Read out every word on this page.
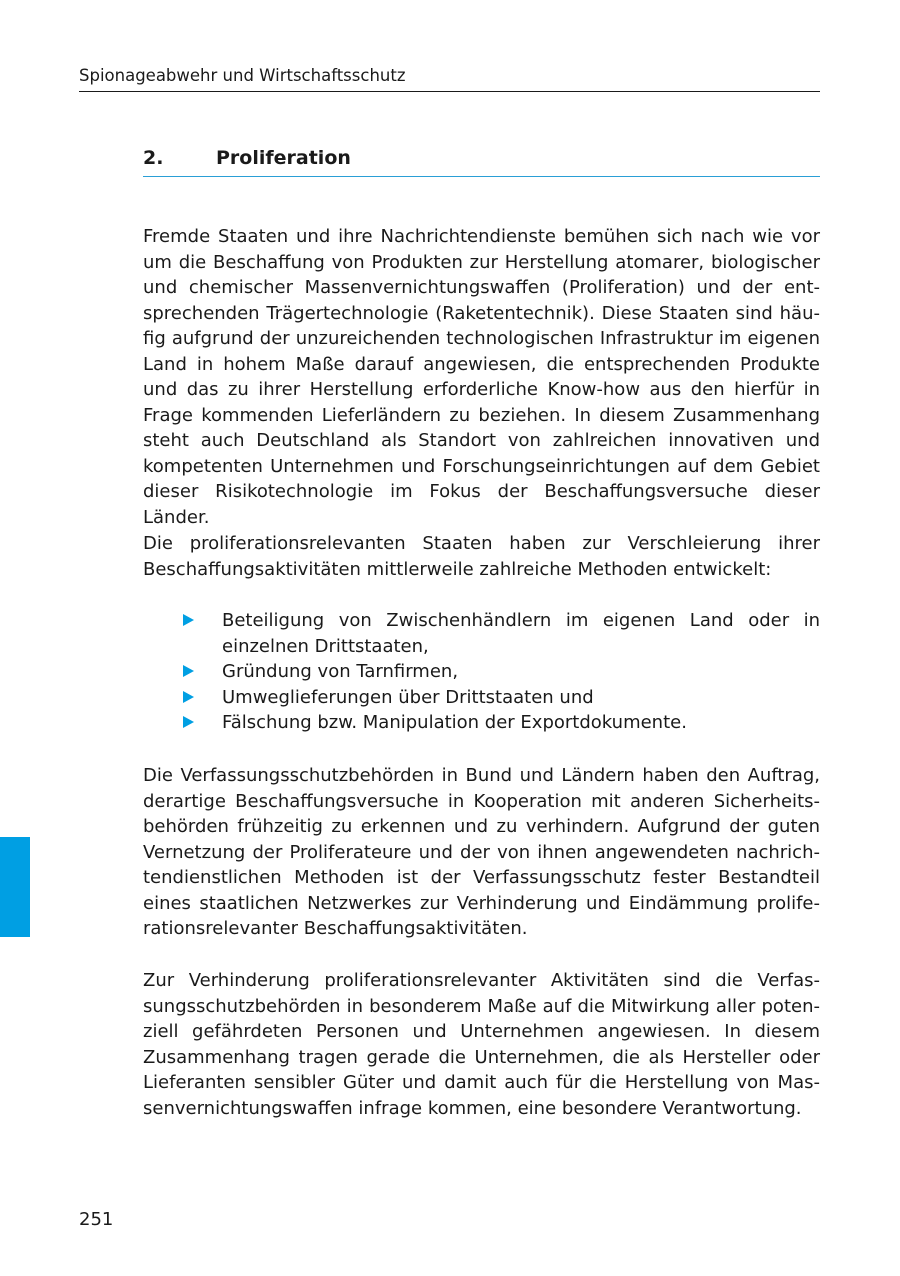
Spionageabwehr und Wirtschaftsschutz
2.	Proliferation

Fremde Staaten und ihre Nachrichtendienste bemühen sich nach wie vor um die Beschaffung von Produkten zur Herstellung atomarer, biologischer und chemischer Massenvernichtungswaffen (Proliferation) und der entsprechenden Trägertechnologie (Raketentechnik). Diese Staaten sind häufig aufgrund der unzureichenden technologischen Infrastruktur im eigenen Land in hohem Maße darauf angewiesen, die entsprechenden Produkte und das zu ihrer Herstellung erforderliche Know-how aus den hierfür in Frage kommenden Lieferländern zu beziehen. In diesem Zusammenhang steht auch Deutschland als Standort von zahlreichen innovativen und kompetenten Unternehmen und Forschungseinrichtungen auf dem Gebiet dieser Risikotechnologie im Fokus der Beschaffungsversuche dieser Länder.

Die proliferationsrelevanten Staaten haben zur Verschleierung ihrer Beschaffungsaktivitäten mittlerweile zahlreiche Methoden entwickelt:

Beteiligung von Zwischenhändlern im eigenen Land oder in einzelnen Drittstaaten,
Gründung von Tarnfirmen,
Umweglieferungen über Drittstaaten und
Fälschung bzw. Manipulation der Exportdokumente.

Die Verfassungsschutzbehörden in Bund und Ländern haben den Auftrag, derartige Beschaffungsversuche in Kooperation mit anderen Sicherheitsbehörden frühzeitig zu erkennen und zu verhindern. Aufgrund der guten Vernetzung der Proliferateure und der von ihnen angewendeten nachrichtendienstlichen Methoden ist der Verfassungsschutz fester Bestandteil eines staatlichen Netzwerkes zur Verhinderung und Eindämmung proliferationsrelevanter Beschaffungsaktivitäten.

Zur Verhinderung proliferationsrelevanter Aktivitäten sind die Verfassungsschutzbehörden in besonderem Maße auf die Mitwirkung aller potenziell gefährdeten Personen und Unternehmen angewiesen. In diesem Zusammenhang tragen gerade die Unternehmen, die als Hersteller oder Lieferanten sensibler Güter und damit auch für die Herstellung von Massenvernichtungswaffen infrage kommen, eine besondere Verantwortung.

251
